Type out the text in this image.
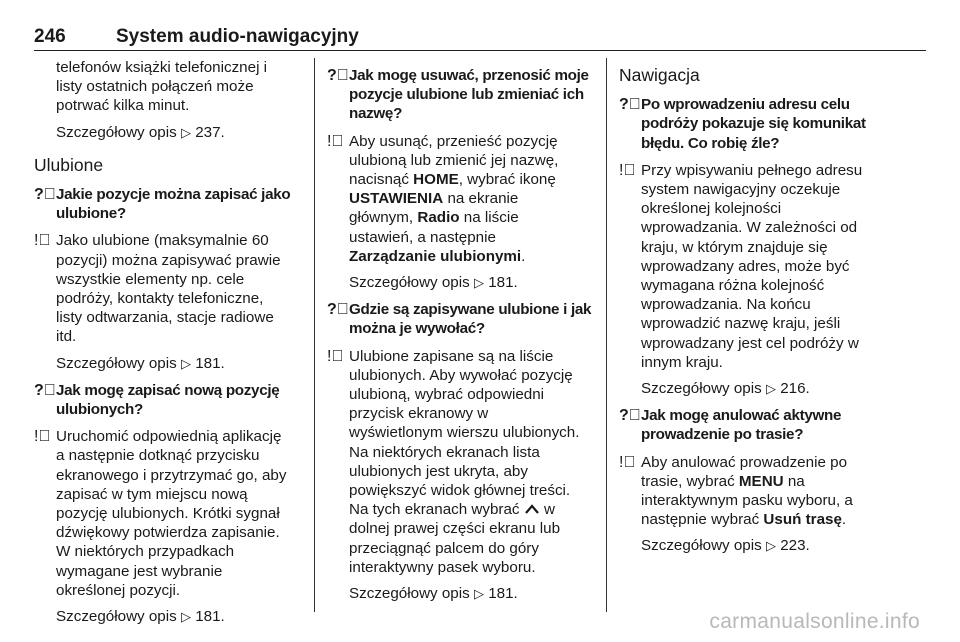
246	System audio-nawigacyjny

telefonów książki telefonicznej i

listy ostatnich połączeń może

potrwać kilka minut.

Szczegółowy opis ▷ 237.

Ulubione

?⃝ Jakie pozycje można zapisać jako

ulubione?

!⃝ Jako ulubione (maksymalnie 60

pozycji) można zapisywać prawie

wszystkie elementy np. cele

podróży, kontakty telefoniczne,

listy odtwarzania, stacje radiowe

itd.

Szczegółowy opis ▷ 181.

?⃝ Jak mogę zapisać nową pozycję

ulubionych?

!⃝ Uruchomić odpowiednią aplikację

a następnie dotknąć przycisku

ekranowego i przytrzymać go, aby

zapisać w tym miejscu nową

pozycję ulubionych. Krótki sygnał

dźwiękowy potwierdza zapisanie.

W niektórych przypadkach

wymagane jest wybranie

określonej pozycji.

Szczegółowy opis ▷ 181.

?⃝ Jak mogę usuwać, przenosić moje

pozycje ulubione lub zmieniać ich

nazwę?

!⃝ Aby usunąć, przenieść pozycję

ulubioną lub zmienić jej nazwę,

nacisnąć HOME, wybrać ikonę

USTAWIENIA na ekranie

głównym, Radio na liście

ustawień, a następnie

Zarządzanie ulubionymi.

Szczegółowy opis ▷ 181.

?⃝ Gdzie są zapisywane ulubione i jak

można je wywołać?

!⃝ Ulubione zapisane są na liście

ulubionych. Aby wywołać pozycję

ulubioną, wybrać odpowiedni

przycisk ekranowy w

wyświetlonym wierszu ulubionych.

Na niektórych ekranach lista

ulubionych jest ukryta, aby

powiększyć widok głównej treści.

Na tych ekranach wybrać w

dolnej prawej części ekranu lub

przeciągnąć palcem do góry

interaktywny pasek wyboru.

Szczegółowy opis ▷ 181.

Nawigacja

?⃝ Po wprowadzeniu adresu celu

podróży pokazuje się komunikat

błędu. Co robię źle?

!⃝ Przy wpisywaniu pełnego adresu

system nawigacyjny oczekuje

określonej kolejności

wprowadzania. W zależności od

kraju, w którym znajduje się

wprowadzany adres, może być

wymagana różna kolejność

wprowadzania. Na końcu

wprowadzić nazwę kraju, jeśli

wprowadzany jest cel podróży w

innym kraju.

Szczegółowy opis ▷ 216.

?⃝ Jak mogę anulować aktywne

prowadzenie po trasie?

!⃝ Aby anulować prowadzenie po

trasie, wybrać MENU na

interaktywnym pasku wyboru, a

następnie wybrać Usuń trasę.

Szczegółowy opis ▷ 223.

carmanualsonline.info
